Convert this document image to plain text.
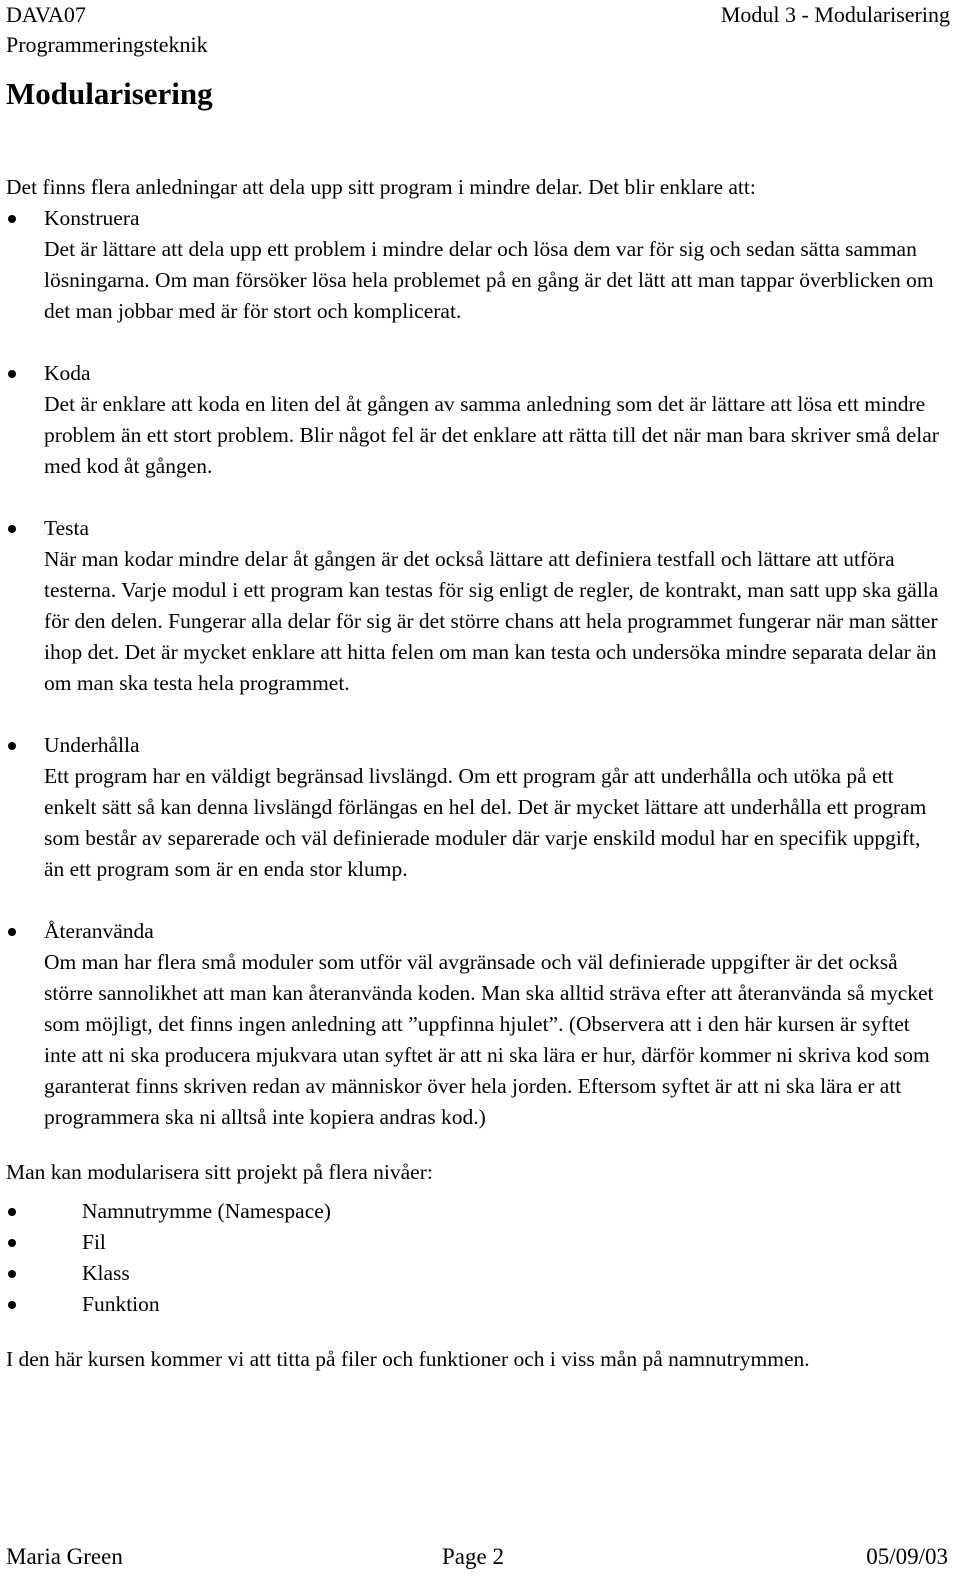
DAVA07
Programmeringsteknik
Modul 3 - Modularisering
Modularisering

Det finns flera anledningar att dela upp sitt program i mindre delar. Det blir enklare att:

Konstruera

Det är lättare att dela upp ett problem i mindre delar och lösa dem var för sig och sedan sätta samman lösningarna. Om man försöker lösa hela problemet på en gång är det lätt att man tappar överblicken om det man jobbar med är för stort och komplicerat.

Koda

Det är enklare att koda en liten del åt gången av samma anledning som det är lättare att lösa ett mindre problem än ett stort problem. Blir något fel är det enklare att rätta till det när man bara skriver små delar med kod åt gången.

Testa

När man kodar mindre delar åt gången är det också lättare att definiera testfall och lättare att utföra testerna. Varje modul i ett program kan testas för sig enligt de regler, de kontrakt, man satt upp ska gälla för den delen. Fungerar alla delar för sig är det större chans att hela programmet fungerar när man sätter ihop det. Det är mycket enklare att hitta felen om man kan testa och undersöka mindre separata delar än om man ska testa hela programmet.

Underhålla

Ett program har en väldigt begränsad livslängd. Om ett program går att underhålla och utöka på ett enkelt sätt så kan denna livslängd förlängas en hel del. Det är mycket lättare att underhålla ett program som består av separerade och väl definierade moduler där varje enskild modul har en specifik uppgift, än ett program som är en enda stor klump.

Återanvända

Om man har flera små moduler som utför väl avgränsade och väl definierade uppgifter är det också större sannolikhet att man kan återanvända koden. Man ska alltid sträva efter att återanvända så mycket som möjligt, det finns ingen anledning att ”uppfinna hjulet”. (Observera att i den här kursen är syftet inte att ni ska producera mjukvara utan syftet är att ni ska lära er hur, därför kommer ni skriva kod som garanterat finns skriven redan av människor över hela jorden. Eftersom syftet är att ni ska lära er att programmera ska ni alltså inte kopiera andras kod.)

Man kan modularisera sitt projekt på flera nivåer:

Namnutrymme (Namespace)
Fil
Klass
Funktion

I den här kursen kommer vi att titta på filer och funktioner och i viss mån på namnutrymmen.

Maria Green	Page 2	05/09/03
